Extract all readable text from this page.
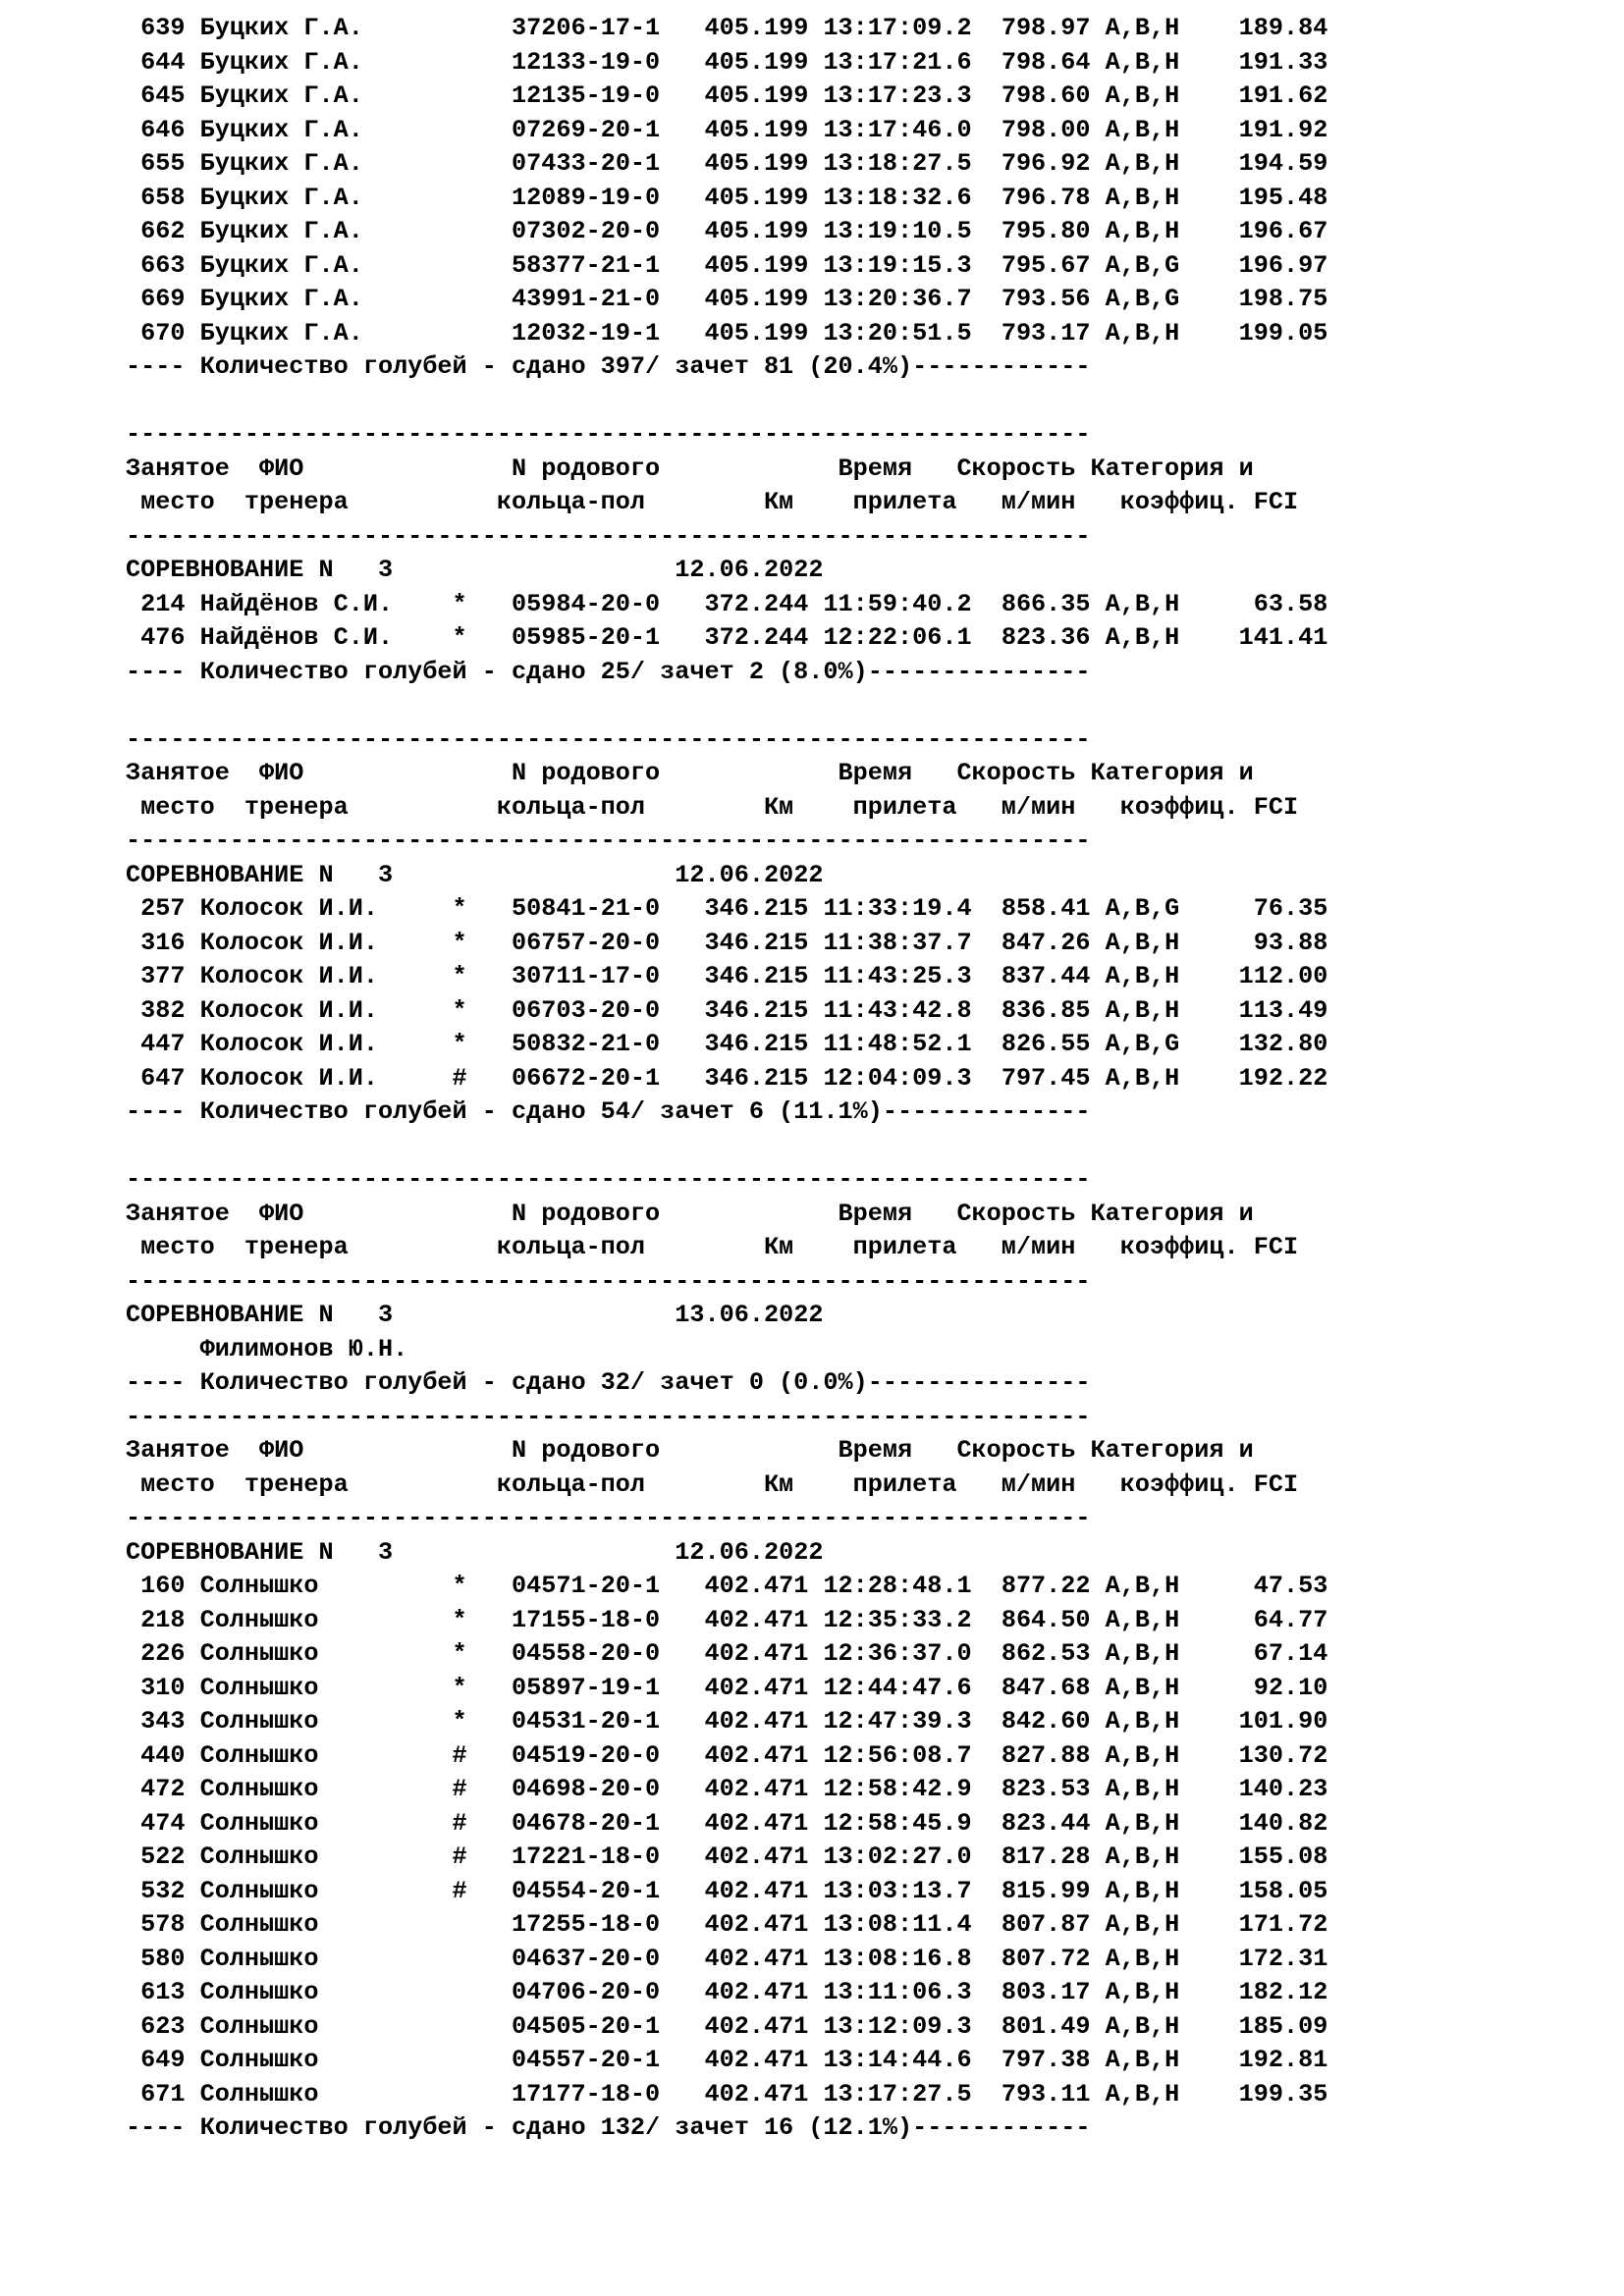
639 Буцких Г.А.          37206-17-1   405.199 13:17:09.2  798.97 A,B,H    189.84
644 Буцких Г.А.          12133-19-0   405.199 13:17:21.6  798.64 A,B,H    191.33
645 Буцких Г.А.          12135-19-0   405.199 13:17:23.3  798.60 A,B,H    191.62
646 Буцких Г.А.          07269-20-1   405.199 13:17:46.0  798.00 A,B,H    191.92
655 Буцких Г.А.          07433-20-1   405.199 13:18:27.5  796.92 A,B,H    194.59
658 Буцких Г.А.          12089-19-0   405.199 13:18:32.6  796.78 A,B,H    195.48
662 Буцких Г.А.          07302-20-0   405.199 13:19:10.5  795.80 A,B,H    196.67
663 Буцких Г.А.          58377-21-1   405.199 13:19:15.3  795.67 A,B,G    196.97
669 Буцких Г.А.          43991-21-0   405.199 13:20:36.7  793.56 A,B,G    198.75
670 Буцких Г.А.          12032-19-1   405.199 13:20:51.5  793.17 A,B,H    199.05
---- Количество голубей - сдано 397/ зачет 81 (20.4%)------------
-----------------------------------------------------------------
Занятое  ФИО              N родового            Время   Скорость Категория и
место  тренера          кольца-пол        Км    прилета   м/мин   коэффиц. FCI
-----------------------------------------------------------------
СОРЕВНОВАНИЕ N   3                   12.06.2022
214 Найдёнов С.И.    *   05984-20-0   372.244 11:59:40.2  866.35 A,B,H     63.58
476 Найдёнов С.И.    *   05985-20-1   372.244 12:22:06.1  823.36 A,B,H    141.41
---- Количество голубей - сдано 25/ зачет 2 (8.0%)---------------
-----------------------------------------------------------------
Занятое  ФИО              N родового            Время   Скорость Категория и
место  тренера          кольца-пол        Км    прилета   м/мин   коэффиц. FCI
-----------------------------------------------------------------
СОРЕВНОВАНИЕ N   3                   12.06.2022
257 Колосок И.И.     *   50841-21-0   346.215 11:33:19.4  858.41 A,B,G     76.35
316 Колосок И.И.     *   06757-20-0   346.215 11:38:37.7  847.26 A,B,H     93.88
377 Колосок И.И.     *   30711-17-0   346.215 11:43:25.3  837.44 A,B,H    112.00
382 Колосок И.И.     *   06703-20-0   346.215 11:43:42.8  836.85 A,B,H    113.49
447 Колосок И.И.     *   50832-21-0   346.215 11:48:52.1  826.55 A,B,G    132.80
647 Колосок И.И.     #   06672-20-1   346.215 12:04:09.3  797.45 A,B,H    192.22
---- Количество голубей - сдано 54/ зачет 6 (11.1%)--------------
-----------------------------------------------------------------
Занятое  ФИО              N родового            Время   Скорость Категория и
место  тренера          кольца-пол        Км    прилета   м/мин   коэффиц. FCI
-----------------------------------------------------------------
СОРЕВНОВАНИЕ N   3                   13.06.2022
Филимонов Ю.Н.
---- Количество голубей - сдано 32/ зачет 0 (0.0%)---------------
-----------------------------------------------------------------
Занятое  ФИО              N родового            Время   Скорость Категория и
место  тренера          кольца-пол        Км    прилета   м/мин   коэффиц. FCI
-----------------------------------------------------------------
СОРЕВНОВАНИЕ N   3                   12.06.2022
160 Солнышко         *   04571-20-1   402.471 12:28:48.1  877.22 A,B,H     47.53
218 Солнышко         *   17155-18-0   402.471 12:35:33.2  864.50 A,B,H     64.77
226 Солнышко         *   04558-20-0   402.471 12:36:37.0  862.53 A,B,H     67.14
310 Солнышко         *   05897-19-1   402.471 12:44:47.6  847.68 A,B,H     92.10
343 Солнышко         *   04531-20-1   402.471 12:47:39.3  842.60 A,B,H    101.90
440 Солнышко         #   04519-20-0   402.471 12:56:08.7  827.88 A,B,H    130.72
472 Солнышко         #   04698-20-0   402.471 12:58:42.9  823.53 A,B,H    140.23
474 Солнышко         #   04678-20-1   402.471 12:58:45.9  823.44 A,B,H    140.82
522 Солнышко         #   17221-18-0   402.471 13:02:27.0  817.28 A,B,H    155.08
532 Солнышко         #   04554-20-1   402.471 13:03:13.7  815.99 A,B,H    158.05
578 Солнышко             17255-18-0   402.471 13:08:11.4  807.87 A,B,H    171.72
580 Солнышко             04637-20-0   402.471 13:08:16.8  807.72 A,B,H    172.31
613 Солнышко             04706-20-0   402.471 13:11:06.3  803.17 A,B,H    182.12
623 Солнышко             04505-20-1   402.471 13:12:09.3  801.49 A,B,H    185.09
649 Солнышко             04557-20-1   402.471 13:14:44.6  797.38 A,B,H    192.81
671 Солнышко             17177-18-0   402.471 13:17:27.5  793.11 A,B,H    199.35
---- Количество голубей - сдано 132/ зачет 16 (12.1%)------------
